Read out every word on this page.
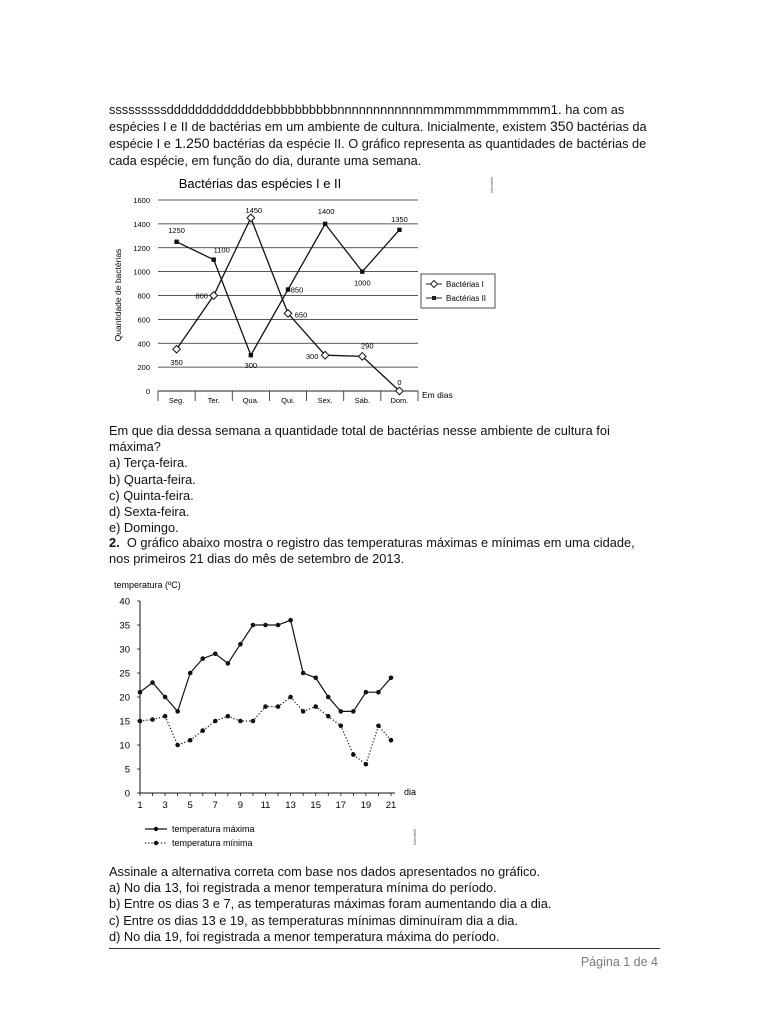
sssssssssdddddddddddddebbbbbbbbbbnnnnnnnnnnnnmmmmmmmmmmmm1. ha com as

espécies I e II de bactérias em um ambiente de cultura. Inicialmente, existem 350 bactérias da

espécie I e 1.250 bactérias da espécie II. O gráfico representa as quantidades de bactérias de

cada espécie, em função do dia, durante uma semana.

Bactérias das espécies I e II
Quantidade de bactérias
0
200
400
600
800
1000
1200
1400
1600
Seg.	Ter.	Qua.	Qui.	Sex.	Sáb.	Dom.
350
800
1450
650
300
290
0
1250
1100
300
850
1400
1000
1350
Em dias
Bactérias I
Bactérias II
Interstelli

Em que dia dessa semana a quantidade total de bactérias nesse ambiente de cultura foi

máxima?

a) Terça-feira.

b) Quarta-feira.

c) Quinta-feira.

d) Sexta-feira.

e) Domingo.

2. O gráfico abaixo mostra o registro das temperaturas máximas e mínimas em uma cidade,

nos primeiros 21 dias do mês de setembro de 2013.

temperatura (ºC)
0
5
10
15
20
25
30
35
40
1 3 5 7 9 11 13 15 17 19 21
dia
temperatura máxima
temperatura mínima	Interstelli

Assinale a alternativa correta com base nos dados apresentados no gráfico.

a) No dia 13, foi registrada a menor temperatura mínima do período.

b) Entre os dias 3 e 7, as temperaturas máximas foram aumentando dia a dia.

c) Entre os dias 13 e 19, as temperaturas mínimas diminuíram dia a dia.

d) No dia 19, foi registrada a menor temperatura máxima do período.

Página 1 de 4
